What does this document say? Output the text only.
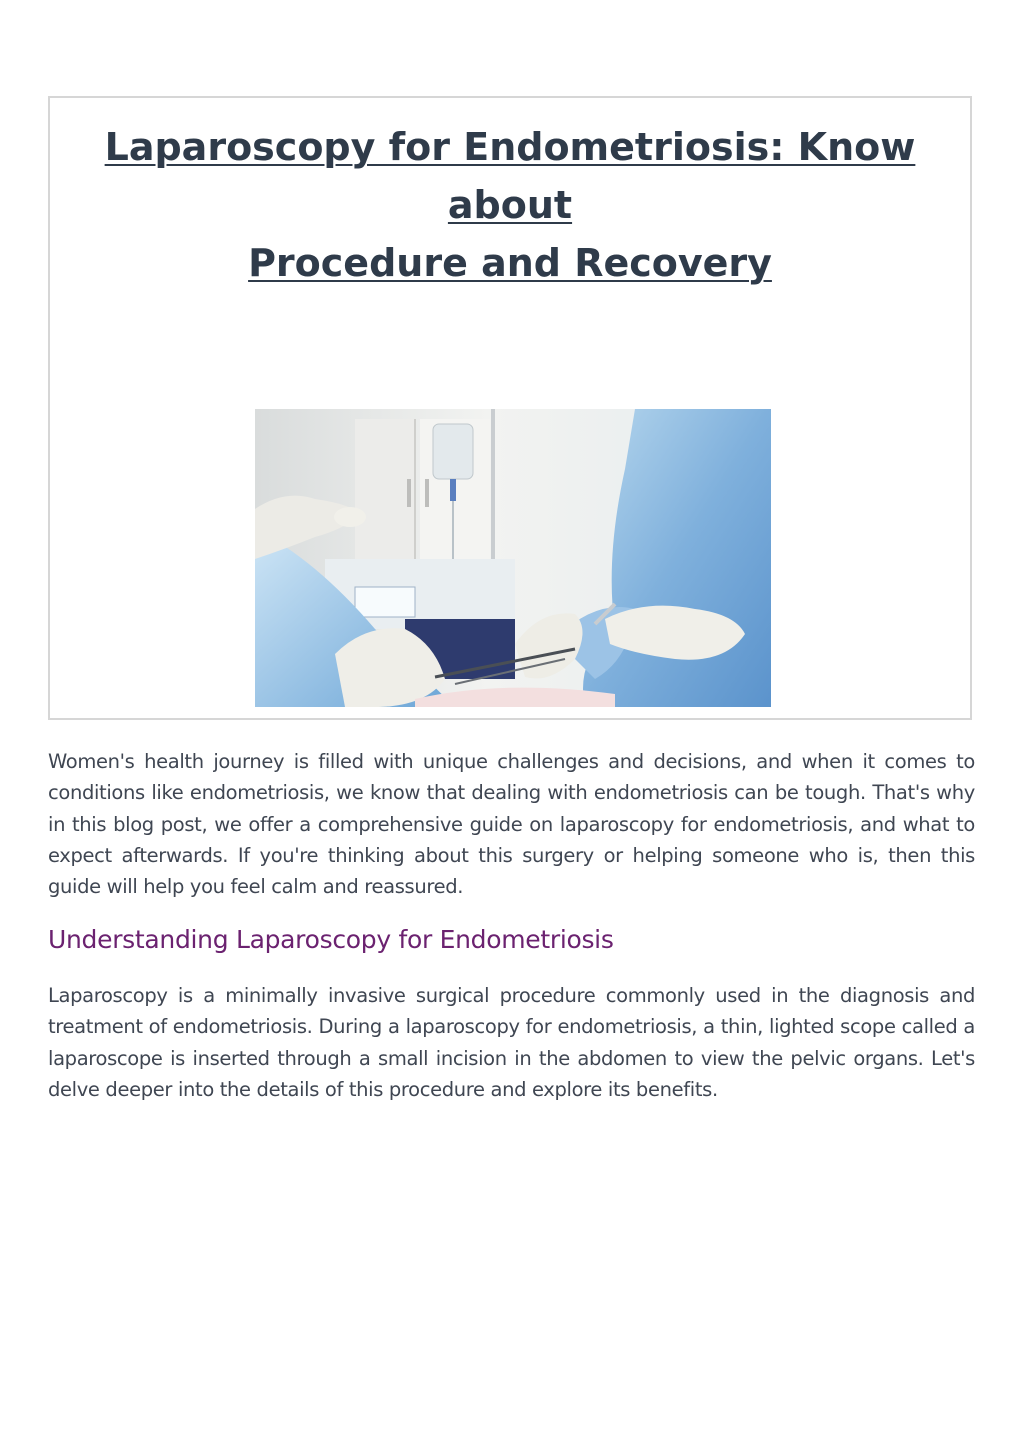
Laparoscopy for Endometriosis: Know about
Procedure and Recovery

Women's health journey is filled with unique challenges and decisions, and when it comes to conditions like endometriosis, we know that dealing with endometriosis can be tough. That's why in this blog post, we offer a comprehensive guide on laparoscopy for endometriosis, and what to expect afterwards. If you're thinking about this surgery or helping someone who is, then this guide will help you feel calm and reassured.

Understanding Laparoscopy for Endometriosis

Laparoscopy is a minimally invasive surgical procedure commonly used in the diagnosis and treatment of endometriosis. During a laparoscopy for endometriosis, a thin, lighted scope called a laparoscope is inserted through a small incision in the abdomen to view the pelvic organs. Let's delve deeper into the details of this procedure and explore its benefits.
